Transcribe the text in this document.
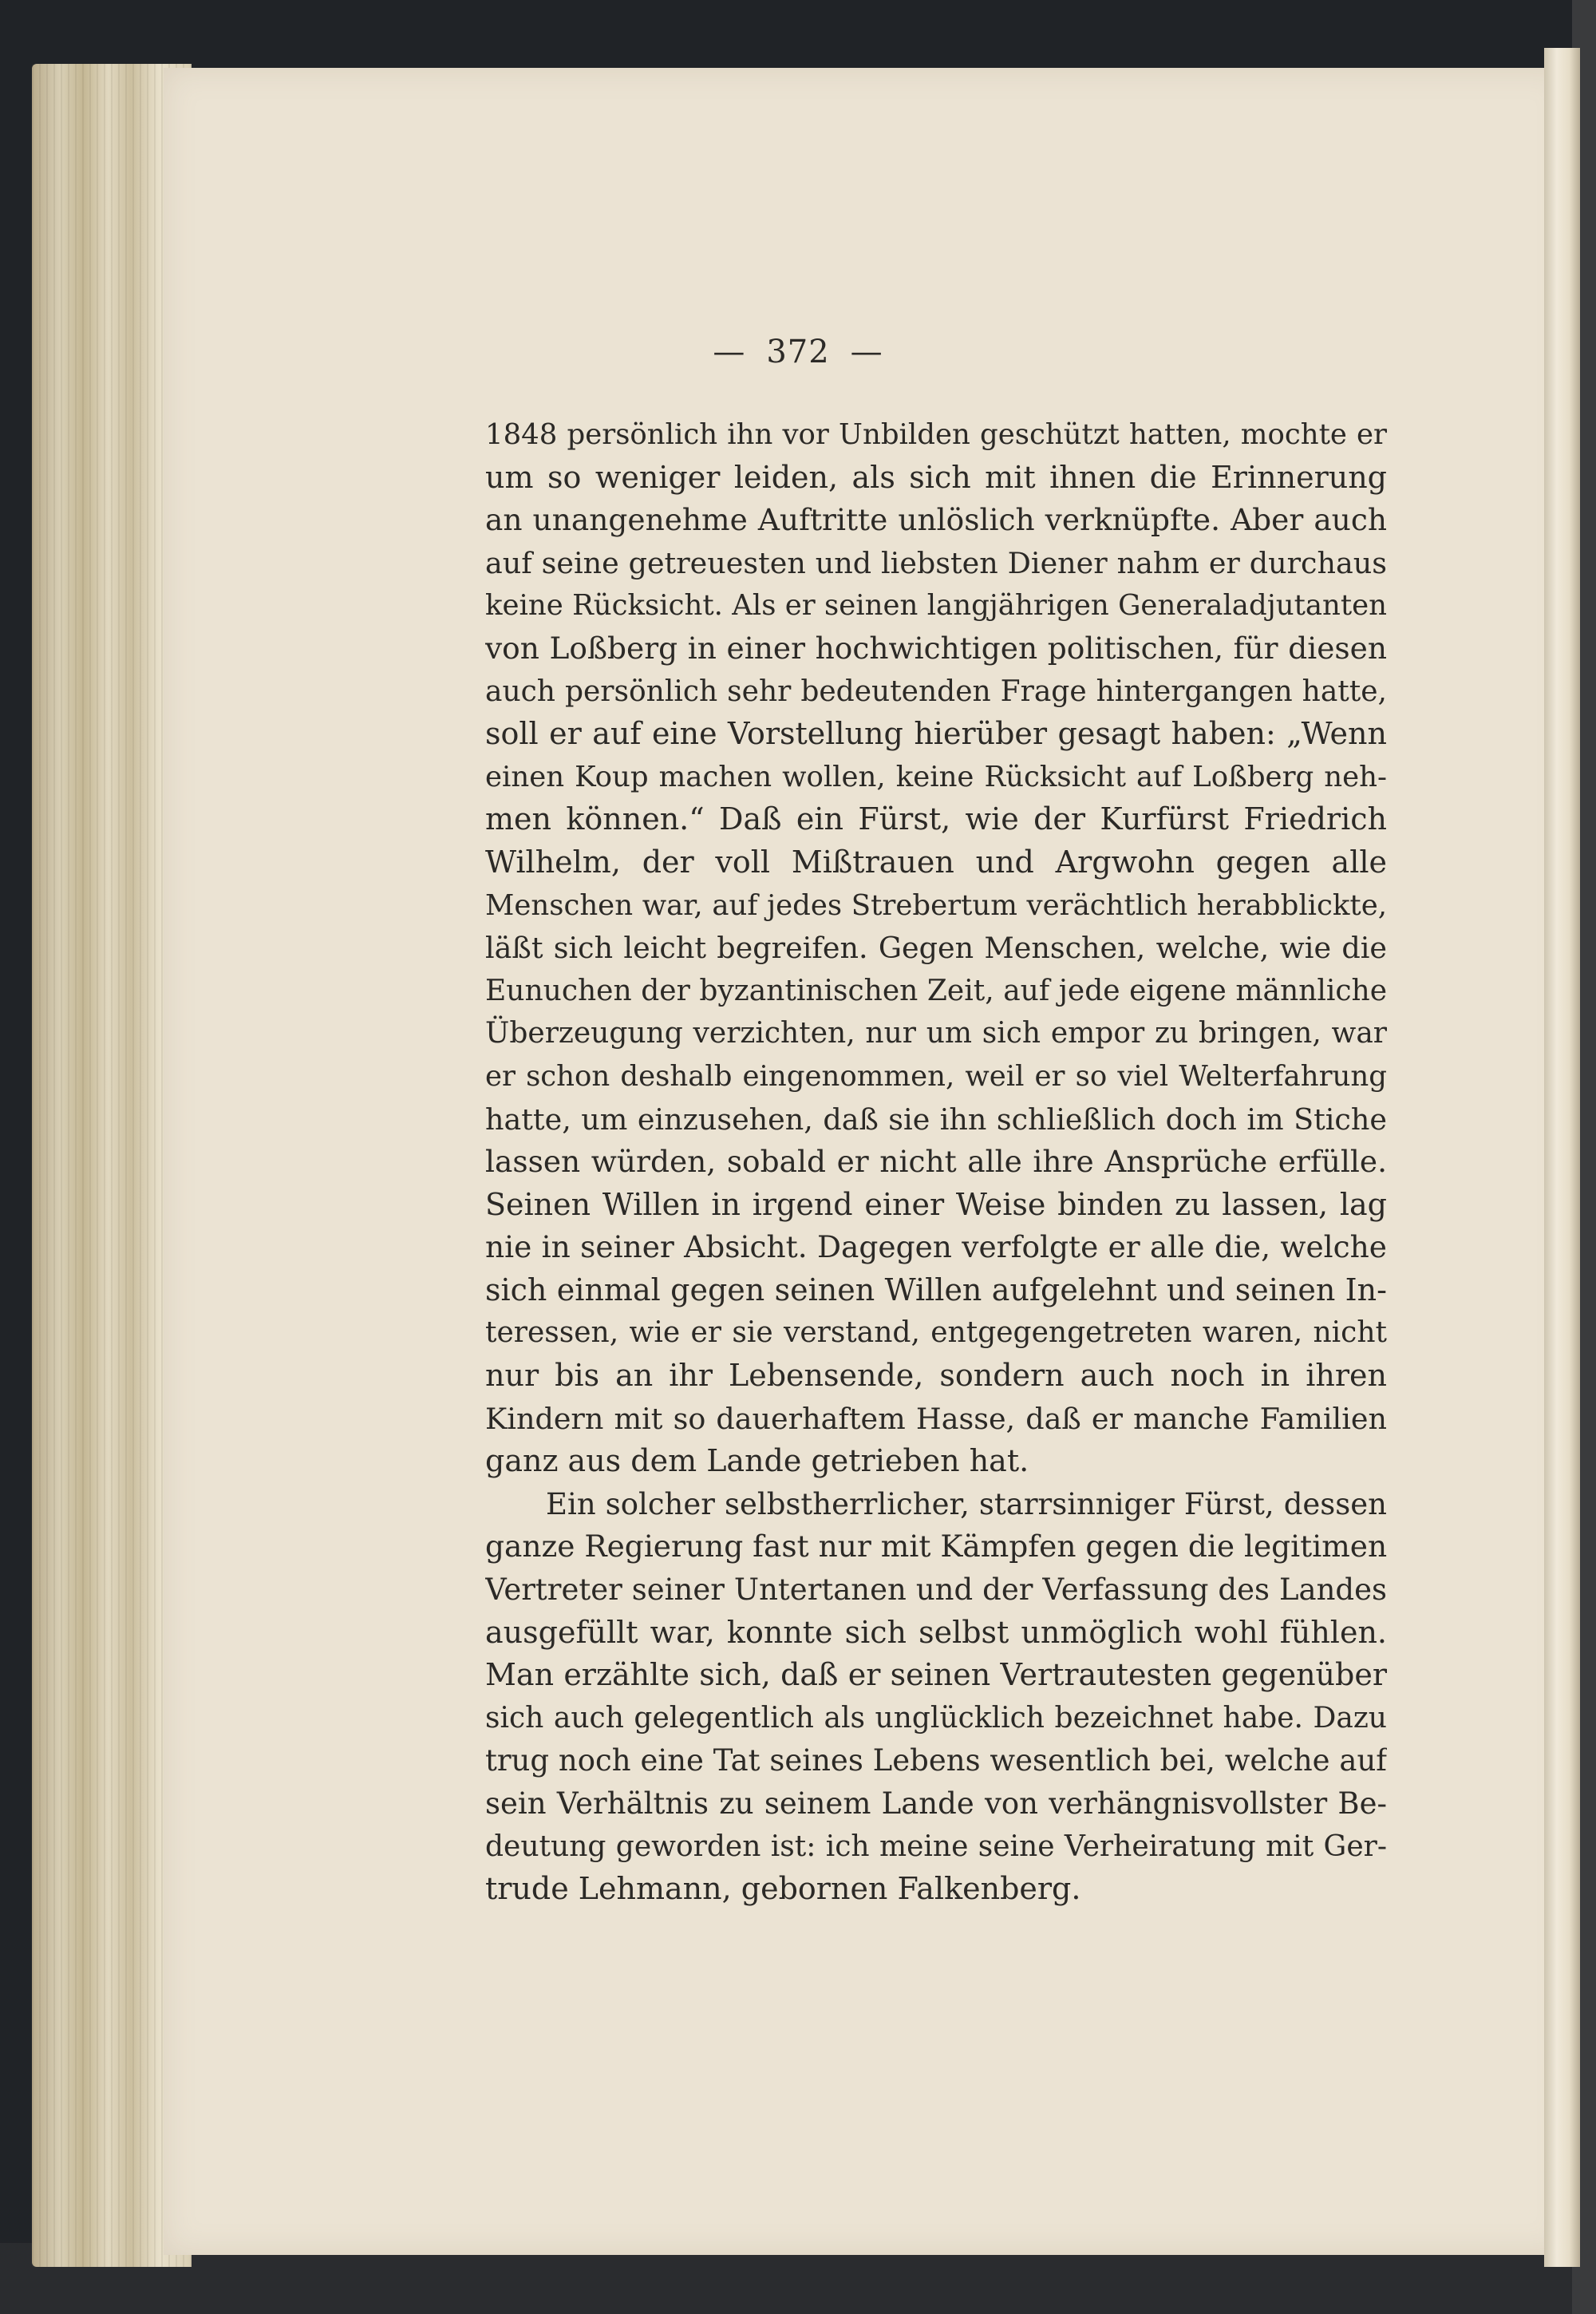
— 372 —
1848 persönlich ihn vor Unbilden geschützt hatten, mochte er
um so weniger leiden, als sich mit ihnen die Erinnerung
an unangenehme Auftritte unlöslich verknüpfte. Aber auch
auf seine getreuesten und liebsten Diener nahm er durchaus
keine Rücksicht. Als er seinen langjährigen Generaladjutanten
von Loßberg in einer hochwichtigen politischen, für diesen
auch persönlich sehr bedeutenden Frage hintergangen hatte,
soll er auf eine Vorstellung hierüber gesagt haben: „Wenn
einen Koup machen wollen, keine Rücksicht auf Loßberg neh-
men können.“ Daß ein Fürst, wie der Kurfürst Friedrich
Wilhelm, der voll Mißtrauen und Argwohn gegen alle
Menschen war, auf jedes Strebertum verächtlich herabblickte,
läßt sich leicht begreifen. Gegen Menschen, welche, wie die
Eunuchen der byzantinischen Zeit, auf jede eigene männliche
Überzeugung verzichten, nur um sich empor zu bringen, war
er schon deshalb eingenommen, weil er so viel Welterfahrung
hatte, um einzusehen, daß sie ihn schließlich doch im Stiche
lassen würden, sobald er nicht alle ihre Ansprüche erfülle.
Seinen Willen in irgend einer Weise binden zu lassen, lag
nie in seiner Absicht. Dagegen verfolgte er alle die, welche
sich einmal gegen seinen Willen aufgelehnt und seinen In-
teressen, wie er sie verstand, entgegengetreten waren, nicht
nur bis an ihr Lebensende, sondern auch noch in ihren
Kindern mit so dauerhaftem Hasse, daß er manche Familien
ganz aus dem Lande getrieben hat.
Ein solcher selbstherrlicher, starrsinniger Fürst, dessen
ganze Regierung fast nur mit Kämpfen gegen die legitimen
Vertreter seiner Untertanen und der Verfassung des Landes
ausgefüllt war, konnte sich selbst unmöglich wohl fühlen.
Man erzählte sich, daß er seinen Vertrautesten gegenüber
sich auch gelegentlich als unglücklich bezeichnet habe. Dazu
trug noch eine Tat seines Lebens wesentlich bei, welche auf
sein Verhältnis zu seinem Lande von verhängnisvollster Be-
deutung geworden ist: ich meine seine Verheiratung mit Ger-
trude Lehmann, gebornen Falkenberg.
